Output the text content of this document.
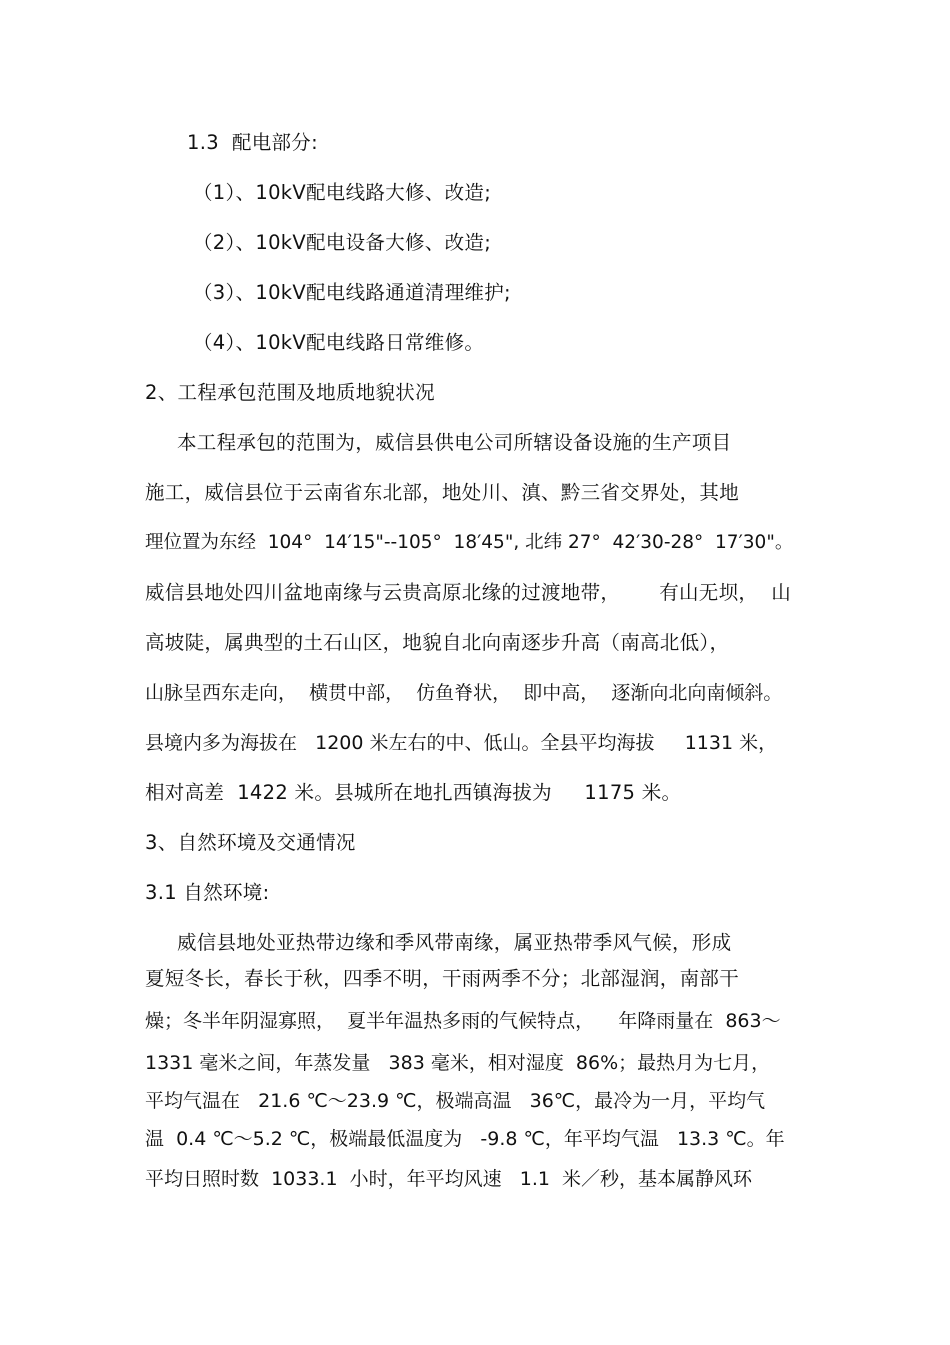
1.3  配电部分:
（1）、10kV配电线路大修、改造;
（2）、10kV配电设备大修、改造;
（3）、10kV配电线路通道清理维护;
（4）、10kV配电线路日常维修。
2、工程承包范围及地质地貌状况
本工程承包的范围为，威信县供电公司所辖设备设施的生产项目
施工，威信县位于云南省东北部，地处川、滇、黔三省交界处，其地
理位置为东经  104°  14′15"--105°  18′45", 北纬 27°  42′30-28°  17′30"。
威信县地处四川盆地南缘与云贵高原北缘的过渡地带，      有山无坝，  山
高坡陡，属典型的土石山区，地貌自北向南逐步升高（南高北低），
山脉呈西东走向，  横贯中部，  仿鱼脊状，  即中高，  逐渐向北向南倾斜。
县境内多为海拔在   1200 米左右的中、低山。全县平均海拔     1131 米，
相对高差  1422 米。县城所在地扎西镇海拔为     1175 米。
3、自然环境及交通情况
3.1 自然环境:
威信县地处亚热带边缘和季风带南缘，属亚热带季风气候，形成
夏短冬长，春长于秋，四季不明，干雨两季不分；北部湿润，南部干
燥；冬半年阴湿寡照，  夏半年温热多雨的气候特点，    年降雨量在  863～
1331 毫米之间，年蒸发量   383 毫米，相对湿度  86%；最热月为七月，
平均气温在   21.6 ℃～23.9 ℃，极端高温   36℃，最冷为一月，平均气
温  0.4 ℃～5.2 ℃，极端最低温度为   -9.8 ℃，年平均气温   13.3 ℃。年
平均日照时数  1033.1  小时，年平均风速   1.1  米／秒，基本属静风环
